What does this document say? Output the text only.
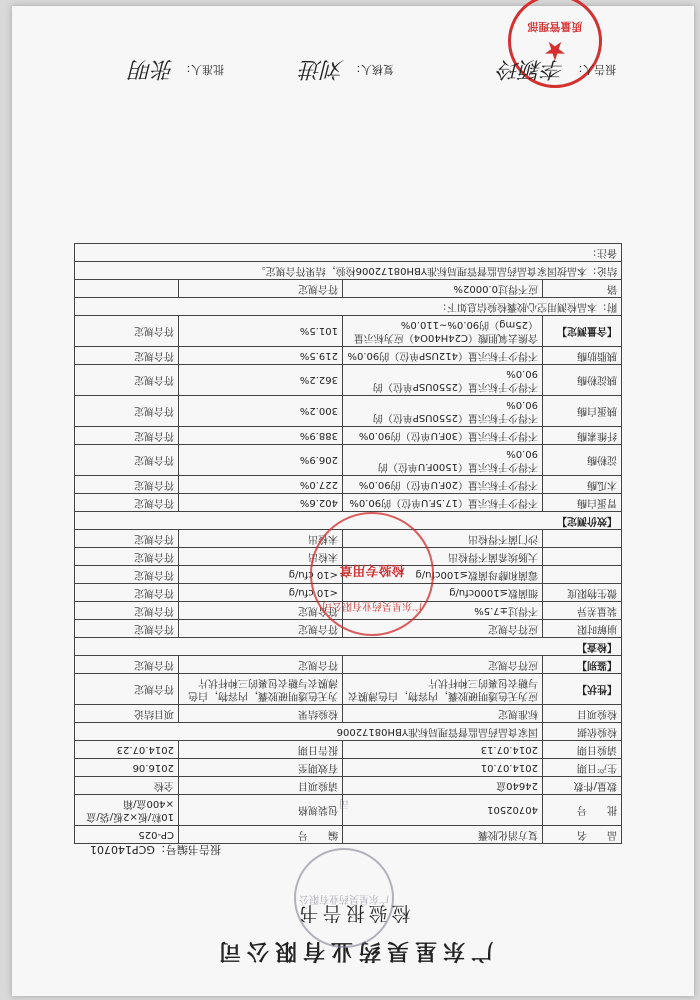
广东星昊药业有限公司
广东星昊药业有限公司
检验报告书
报告书编号：GCP140701
品　　名	复方消化胶囊	编　　号	CP-025
批　　号	40702501	包装规格	10粒/板×2板/袋/盒×400盒/箱
数量/件数	24640盒	请验项目	全检
生产日期	2014.07.01	有效期至	2016.06
请验日期	2014.07.13	报告日期	2014.07.23
检验依据	国家食品药品监督管理局标准YBH08172006		
检验项目	标准规定	检验结果	项目结论
【性状】	应为无色透明硬胶囊，内容物，白色薄膜衣与糖衣包裹的三种杆状片	为无色透明硬胶囊，内容物，白色薄膜衣与糖衣包裹的三种杆状片	符合规定
【鉴别】	应符合规定	符合规定	符合规定
【检查】			
崩解时限	应符合规定	符合规定	符合规定
装量差异	不得过±7.5%	符合规定	符合规定
微生物限度	细菌数≤1000cfu/g	<10 cfu/g	符合规定
	霉菌和酵母菌数≤100cfu/g	<10 cfu/g	符合规定
	大肠埃希菌不得检出	未检出	符合规定
	沙门菌不得检出	未检出	符合规定
【效价测定】			
胃蛋白酶	不得少于标示量（17.5F.U单位）的90.0%	402.6%	符合规定
木瓜酶	不得少于标示量（20F.U单位）的90.0%	227.0%	符合规定
淀粉酶	不得少于标示量（1500F.U单位）的90.0%	206.9%	符合规定
纤维素酶	不得少于标示量（30F.U单位）的90.0%	388.9%	符合规定
胰蛋白酶	不得少于标示量（2550USP单位）的90.0%	300.2%	符合规定
胰淀粉酶	不得少于标示量（2550USP单位）的90.0%	362.2%	符合规定
胰脂肪酶	不得少于标示量（412USP单位）的90.0%	219.5%	符合规定
【含量测定】	含熊去氧胆酸（C24H40O4）应为标示量（25mg）的90.0%~110.0%	101.5%	符合规定
附：本品检测用空心胶囊检验信息如下：			
铬	应不得过0.0002%	符合规定	
结论：本品按国家食品药品监督管理局标准YBH08172006检验，结果符合规定。			
备注：			
广东星昊药业有限公司
检验专用章
★
质量管理部
报告人：
李颖玲
复核人：
刘进
批准人：
张明
